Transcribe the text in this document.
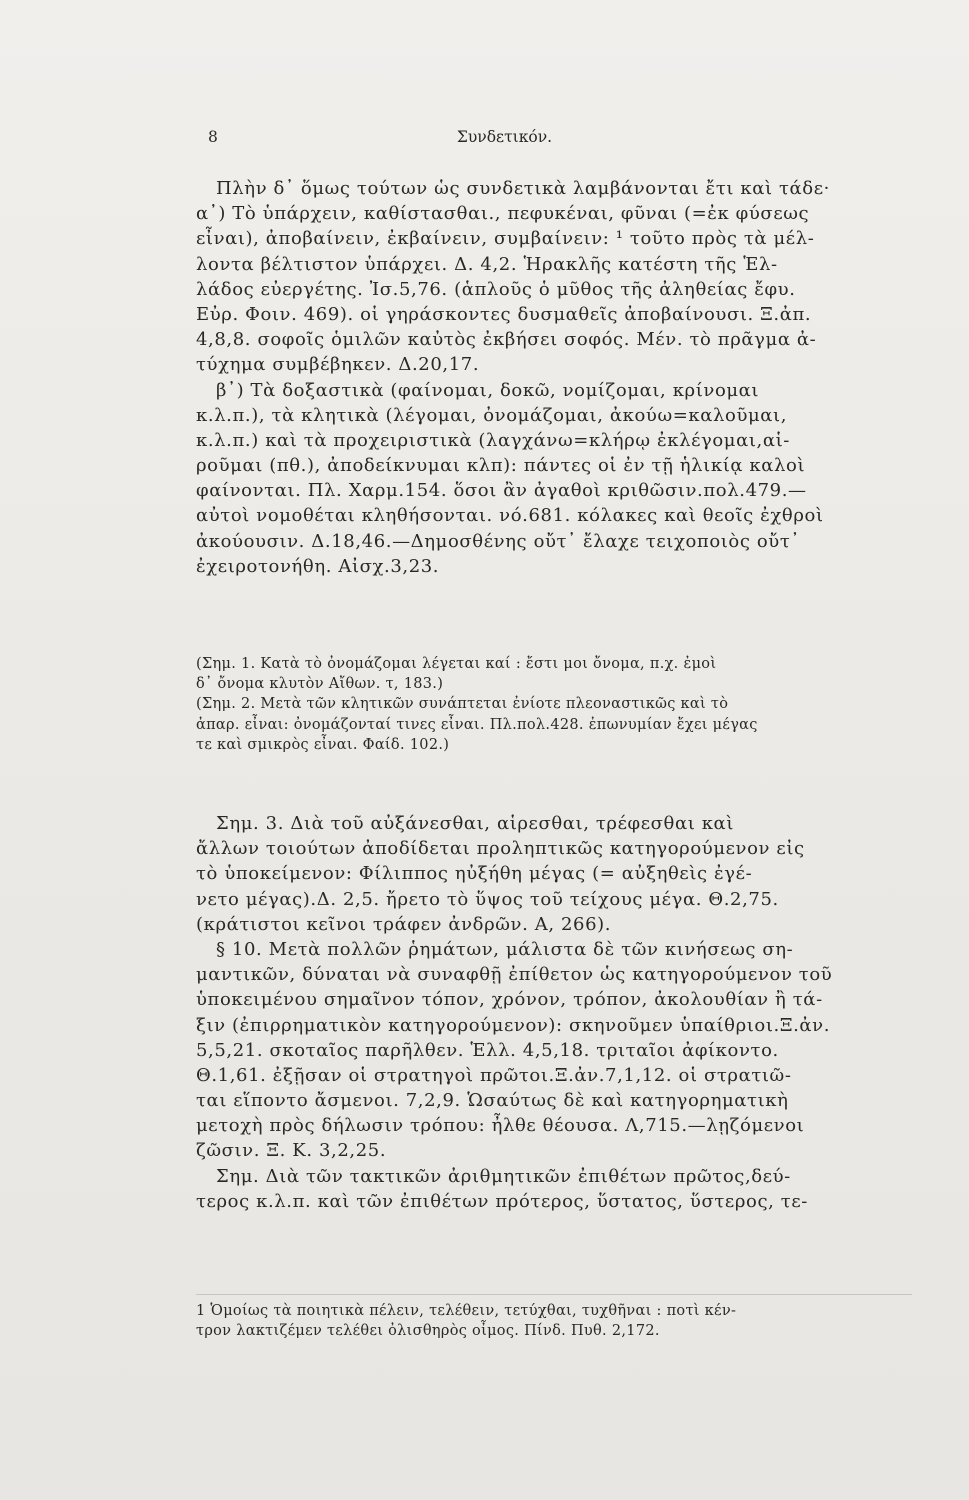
8	Συνδετικόν.
Πλὴν δ᾽ ὅμως τούτων ὡς συνδετικὰ λαμβάνονται ἔτι καὶ τάδε·
α᾽) Τὸ ὑπάρχειν, καθίστασθαι., πεφυκέναι, φῦναι (=ἐκ φύσεως
εἶναι), ἀποβαίνειν, ἐκβαίνειν, συμβαίνειν: ¹ τοῦτο πρὸς τὰ μέλ-
λοντα βέλτιστον ὑπάρχει. Δ. 4,2. Ἡρακλῆς κατέστη τῆς Ἑλ-
λάδος εὐεργέτης. Ἰσ.5,76. (ἁπλοῦς ὁ μῦθος τῆς ἀληθείας ἔφυ.
Εὐρ. Φοιν. 469). οἱ γηράσκοντες δυσμαθεῖς ἀποβαίνουσι. Ξ.ἀπ.
4,8,8. σοφοῖς ὁμιλῶν καὐτὸς ἐκβήσει σοφός. Μέν. τὸ πρᾶγμα ἀ-
τύχημα συμβέβηκεν. Δ.20,17.
β᾽) Τὰ δοξαστικὰ (φαίνομαι, δοκῶ, νομίζομαι, κρίνομαι
κ.λ.π.), τὰ κλητικὰ (λέγομαι, ὀνομάζομαι, ἀκούω=καλοῦμαι,
κ.λ.π.) καὶ τὰ προχειριστικὰ (λαγχάνω=κλήρῳ ἐκλέγομαι,αἱ-
ροῦμαι (πθ.), ἀποδείκνυμαι κλπ): πάντες οἱ ἐν τῇ ἡλικίᾳ καλοὶ
φαίνονται. Πλ. Χαρμ.154. ὅσοι ἂν ἀγαθοὶ κριθῶσιν.πολ.479.—
αὐτοὶ νομοθέται κληθήσονται. νό.681. κόλακες καὶ θεοῖς ἐχθροὶ
ἀκούουσιν. Δ.18,46.—Δημοσθένης οὔτ᾽ ἔλαχε τειχοποιὸς οὔτ᾽
ἐχειροτονήθη. Αἰσχ.3,23.
(Σημ. 1. Κατὰ τὸ ὀνομάζομαι λέγεται καί : ἔστι μοι ὄνομα, π.χ. ἐμοὶ
δ᾽ ὄνομα κλυτὸν Αἴθων. τ, 183.)
(Σημ. 2. Μετὰ τῶν κλητικῶν συνάπτεται ἐνίοτε πλεοναστικῶς καὶ τὸ
ἀπαρ. εἶναι: ὀνομάζονταί τινες εἶναι. Πλ.πολ.428. ἐπωνυμίαν ἔχει μέγας
τε καὶ σμικρὸς εἶναι. Φαίδ. 102.)
Σημ. 3. Διὰ τοῦ αὐξάνεσθαι, αἱρεσθαι, τρέφεσθαι καὶ
ἄλλων τοιούτων ἀποδίδεται προληπτικῶς κατηγορούμενον εἰς
τὸ ὑποκείμενον: Φίλιππος ηὐξήθη μέγας (= αὐξηθεὶς ἐγέ-
νετο μέγας).Δ. 2,5. ἤρετο τὸ ὕψος τοῦ τείχους μέγα. Θ.2,75.
(κράτιστοι κεῖνοι τράφεν ἀνδρῶν. Α, 266).
§ 10. Μετὰ πολλῶν ῥημάτων, μάλιστα δὲ τῶν κινήσεως ση-
μαντικῶν, δύναται νὰ συναφθῇ ἐπίθετον ὡς κατηγορούμενον τοῦ
ὑποκειμένου σημαῖνον τόπον, χρόνον, τρόπον, ἀκολουθίαν ἢ τά-
ξιν (ἐπιρρηματικὸν κατηγορούμενον): σκηνοῦμεν ὑπαίθριοι.Ξ.ἀν.
5,5,21. σκοταῖος παρῆλθεν. Ἑλλ. 4,5,18. τριταῖοι ἀφίκοντο.
Θ.1,61. ἐξῇσαν οἱ στρατηγοὶ πρῶτοι.Ξ.ἀν.7,1,12. οἱ στρατιῶ-
ται εἵποντο ἄσμενοι. 7,2,9. Ὡσαύτως δὲ καὶ κατηγορηματικὴ
μετοχὴ πρὸς δήλωσιν τρόπου: ἦλθε θέουσα. Λ,715.—λῃζόμενοι
ζῶσιν. Ξ. Κ. 3,2,25.
Σημ. Διὰ τῶν τακτικῶν ἀριθμητικῶν ἐπιθέτων πρῶτος,δεύ-
τερος κ.λ.π. καὶ τῶν ἐπιθέτων πρότερος, ὕστατος, ὕστερος, τε-
1 Ὁμοίως τὰ ποιητικὰ πέλειν, τελέθειν, τετύχθαι, τυχθῆναι : ποτὶ κέν-
τρον λακτιζέμεν τελέθει ὀλισθηρὸς οἶμος. Πίνδ. Πυθ. 2,172.
